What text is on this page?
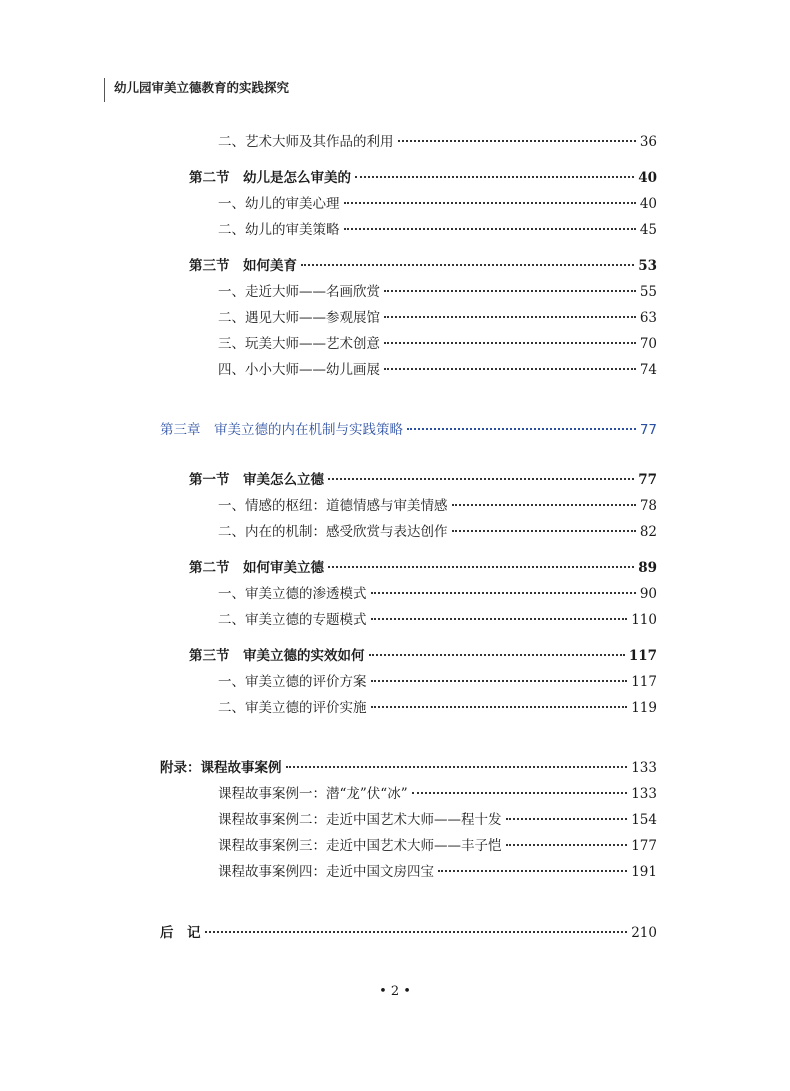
幼儿园审美立德教育的实践探究
二、艺术大师及其作品的利用	36
第二节　幼儿是怎么审美的	40
一、幼儿的审美心理	40
二、幼儿的审美策略	45
第三节　如何美育	53
一、走近大师——名画欣赏	55
二、遇见大师——参观展馆	63
三、玩美大师——艺术创意	70
四、小小大师——幼儿画展	74
第三章　审美立德的内在机制与实践策略	77
第一节　审美怎么立德	77
一、情感的枢纽：道德情感与审美情感	78
二、内在的机制：感受欣赏与表达创作	82
第二节　如何审美立德	89
一、审美立德的渗透模式	90
二、审美立德的专题模式	110
第三节　审美立德的实效如何	117
一、审美立德的评价方案	117
二、审美立德的评价实施	119
附录：课程故事案例	133
课程故事案例一：潜“龙”伏“冰”	133
课程故事案例二：走近中国艺术大师——程十发	154
课程故事案例三：走近中国艺术大师——丰子恺	177
课程故事案例四：走近中国文房四宝	191
后　记	210
• 2 •
